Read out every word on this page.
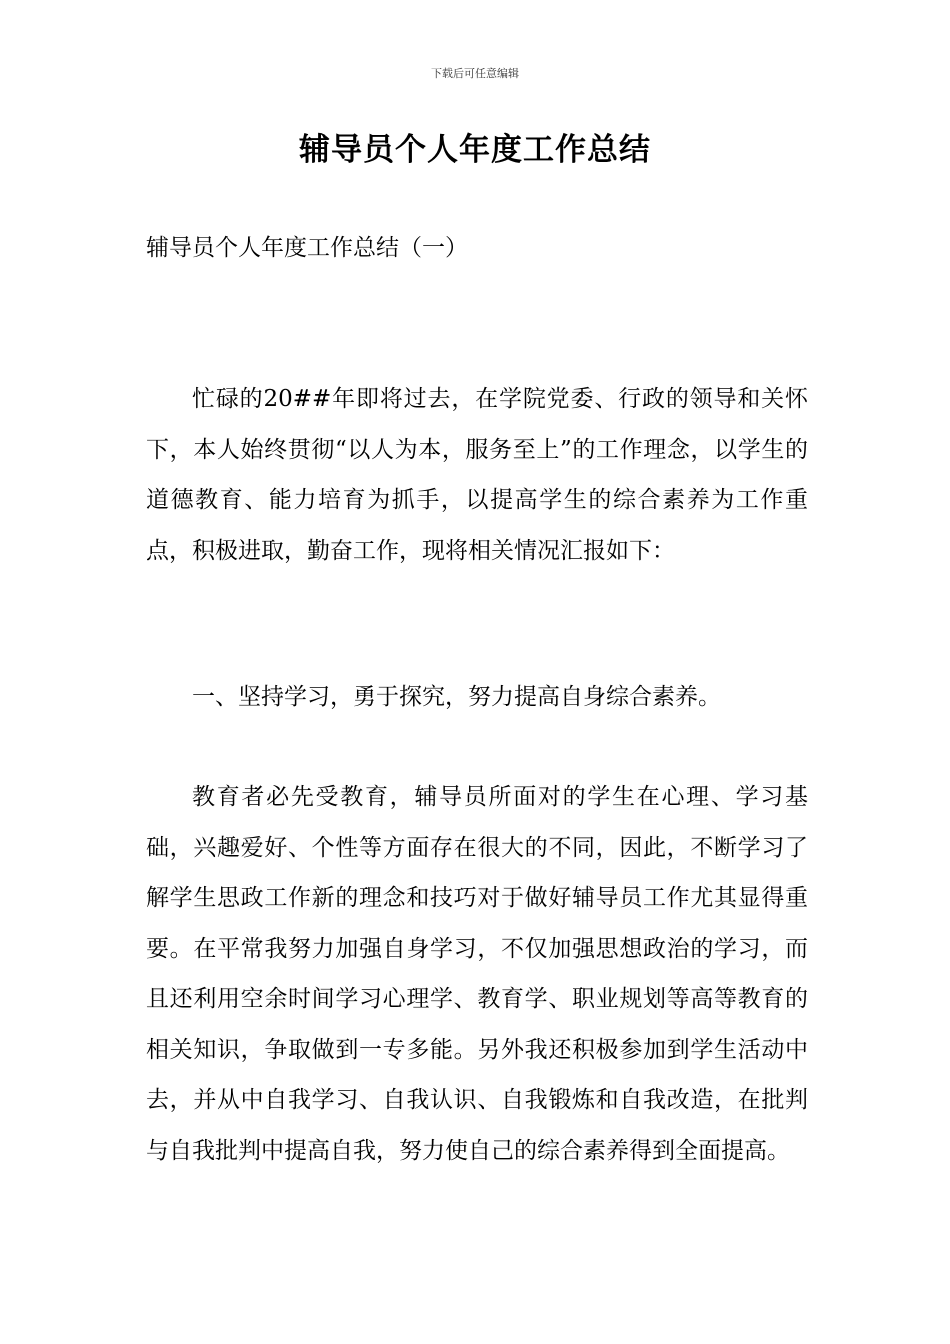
下载后可任意编辑
辅导员个人年度工作总结
辅导员个人年度工作总结（一）

忙碌的20##年即将过去，在学院党委、行政的领导和关怀下，本人始终贯彻“以人为本，服务至上”的工作理念，以学生的道德教育、能力培育为抓手，以提高学生的综合素养为工作重点，积极进取，勤奋工作，现将相关情况汇报如下：

一、坚持学习，勇于探究，努力提高自身综合素养。

教育者必先受教育，辅导员所面对的学生在心理、学习基础，兴趣爱好、个性等方面存在很大的不同，因此，不断学习了解学生思政工作新的理念和技巧对于做好辅导员工作尤其显得重要。在平常我努力加强自身学习，不仅加强思想政治的学习，而且还利用空余时间学习心理学、教育学、职业规划等高等教育的相关知识，争取做到一专多能。另外我还积极参加到学生活动中去，并从中自我学习、自我认识、自我锻炼和自我改造，在批判与自我批判中提高自我，努力使自己的综合素养得到全面提高。
